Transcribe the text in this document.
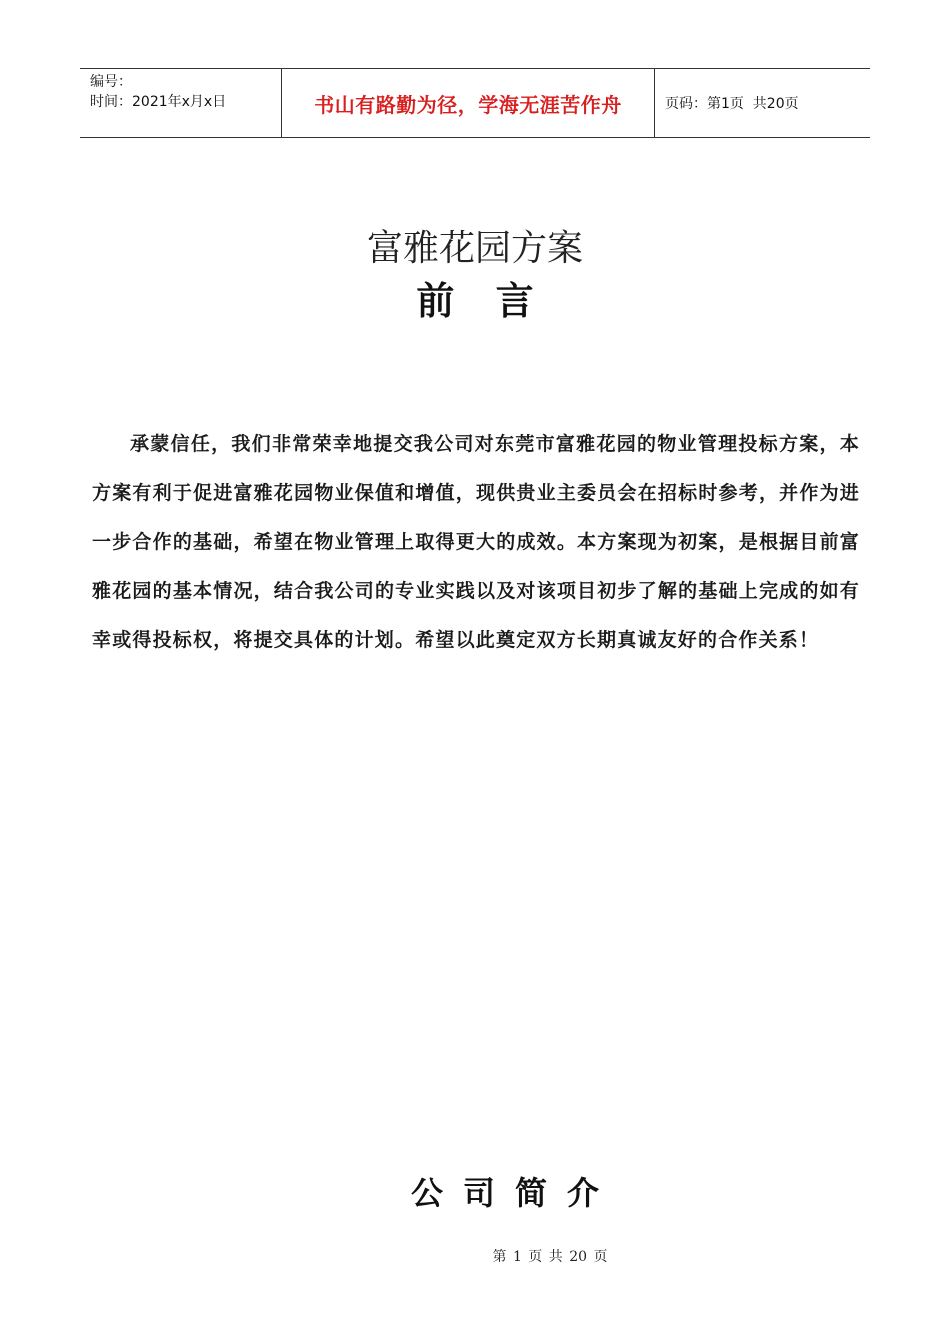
编号：
时间：2021年x月x日	书山有路勤为径，学海无涯苦作舟	页码：第1页  共20页
富雅花园方案
前 言

承蒙信任，我们非常荣幸地提交我公司对东莞市富雅花园的物业管理投标方案，本方案有利于促进富雅花园物业保值和增值，现供贵业主委员会在招标时参考，并作为进一步合作的基础，希望在物业管理上取得更大的成效。本方案现为初案，是根据目前富雅花园的基本情况，结合我公司的专业实践以及对该项目初步了解的基础上完成的如有幸或得投标权，将提交具体的计划。希望以此奠定双方长期真诚友好的合作关系！

公司简介
第 1 页 共 20 页
